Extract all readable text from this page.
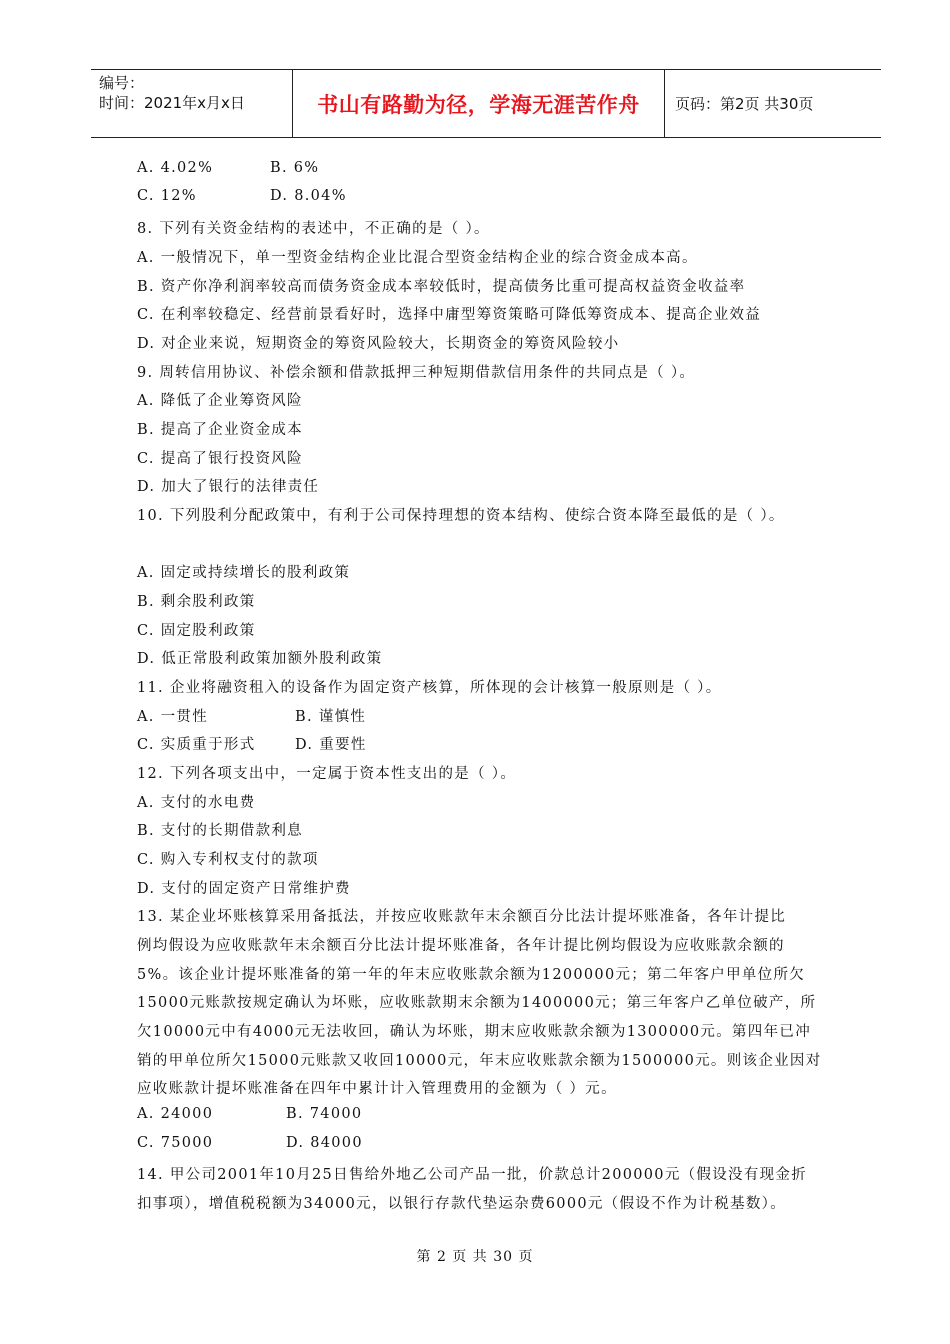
编号：
时间：2021年x月x日	书山有路勤为径，学海无涯苦作舟	页码：第2页 共30页
A. 4.02%	B. 6%
C. 12%	D. 8.04%
8. 下列有关资金结构的表述中，不正确的是（ ）。
A. 一般情况下，单一型资金结构企业比混合型资金结构企业的综合资金成本高。
B. 资产你净利润率较高而债务资金成本率较低时，提高债务比重可提高权益资金收益率
C. 在利率较稳定、经营前景看好时，选择中庸型筹资策略可降低筹资成本、提高企业效益
D. 对企业来说，短期资金的筹资风险较大，长期资金的筹资风险较小
9. 周转信用协议、补偿余额和借款抵押三种短期借款信用条件的共同点是（ ）。
A. 降低了企业筹资风险
B. 提高了企业资金成本
C. 提高了银行投资风险
D. 加大了银行的法律责任
10. 下列股利分配政策中，有利于公司保持理想的资本结构、使综合资本降至最低的是（ ）。
A. 固定或持续增长的股利政策
B. 剩余股利政策
C. 固定股利政策
D. 低正常股利政策加额外股利政策
11. 企业将融资租入的设备作为固定资产核算，所体现的会计核算一般原则是（ ）。
A. 一贯性	B. 谨慎性
C. 实质重于形式	D. 重要性
12. 下列各项支出中，一定属于资本性支出的是（ ）。
A. 支付的水电费
B. 支付的长期借款利息
C. 购入专利权支付的款项
D. 支付的固定资产日常维护费
13. 某企业坏账核算采用备抵法，并按应收账款年末余额百分比法计提坏账准备，各年计提比
例均假设为应收账款年末余额百分比法计提坏账准备，各年计提比例均假设为应收账款余额的
5%。该企业计提坏账准备的第一年的年末应收账款余额为1200000元；第二年客户甲单位所欠
15000元账款按规定确认为坏账，应收账款期末余额为1400000元；第三年客户乙单位破产，所
欠10000元中有4000元无法收回，确认为坏账，期末应收账款余额为1300000元。第四年已冲
销的甲单位所欠15000元账款又收回10000元，年末应收账款余额为1500000元。则该企业因对
应收账款计提坏账准备在四年中累计计入管理费用的金额为（ ）元。
A. 24000	B. 74000
C. 75000	D. 84000
14. 甲公司2001年10月25日售给外地乙公司产品一批，价款总计200000元（假设没有现金折
扣事项），增值税税额为34000元，以银行存款代垫运杂费6000元（假设不作为计税基数）。
第 2 页 共 30 页
